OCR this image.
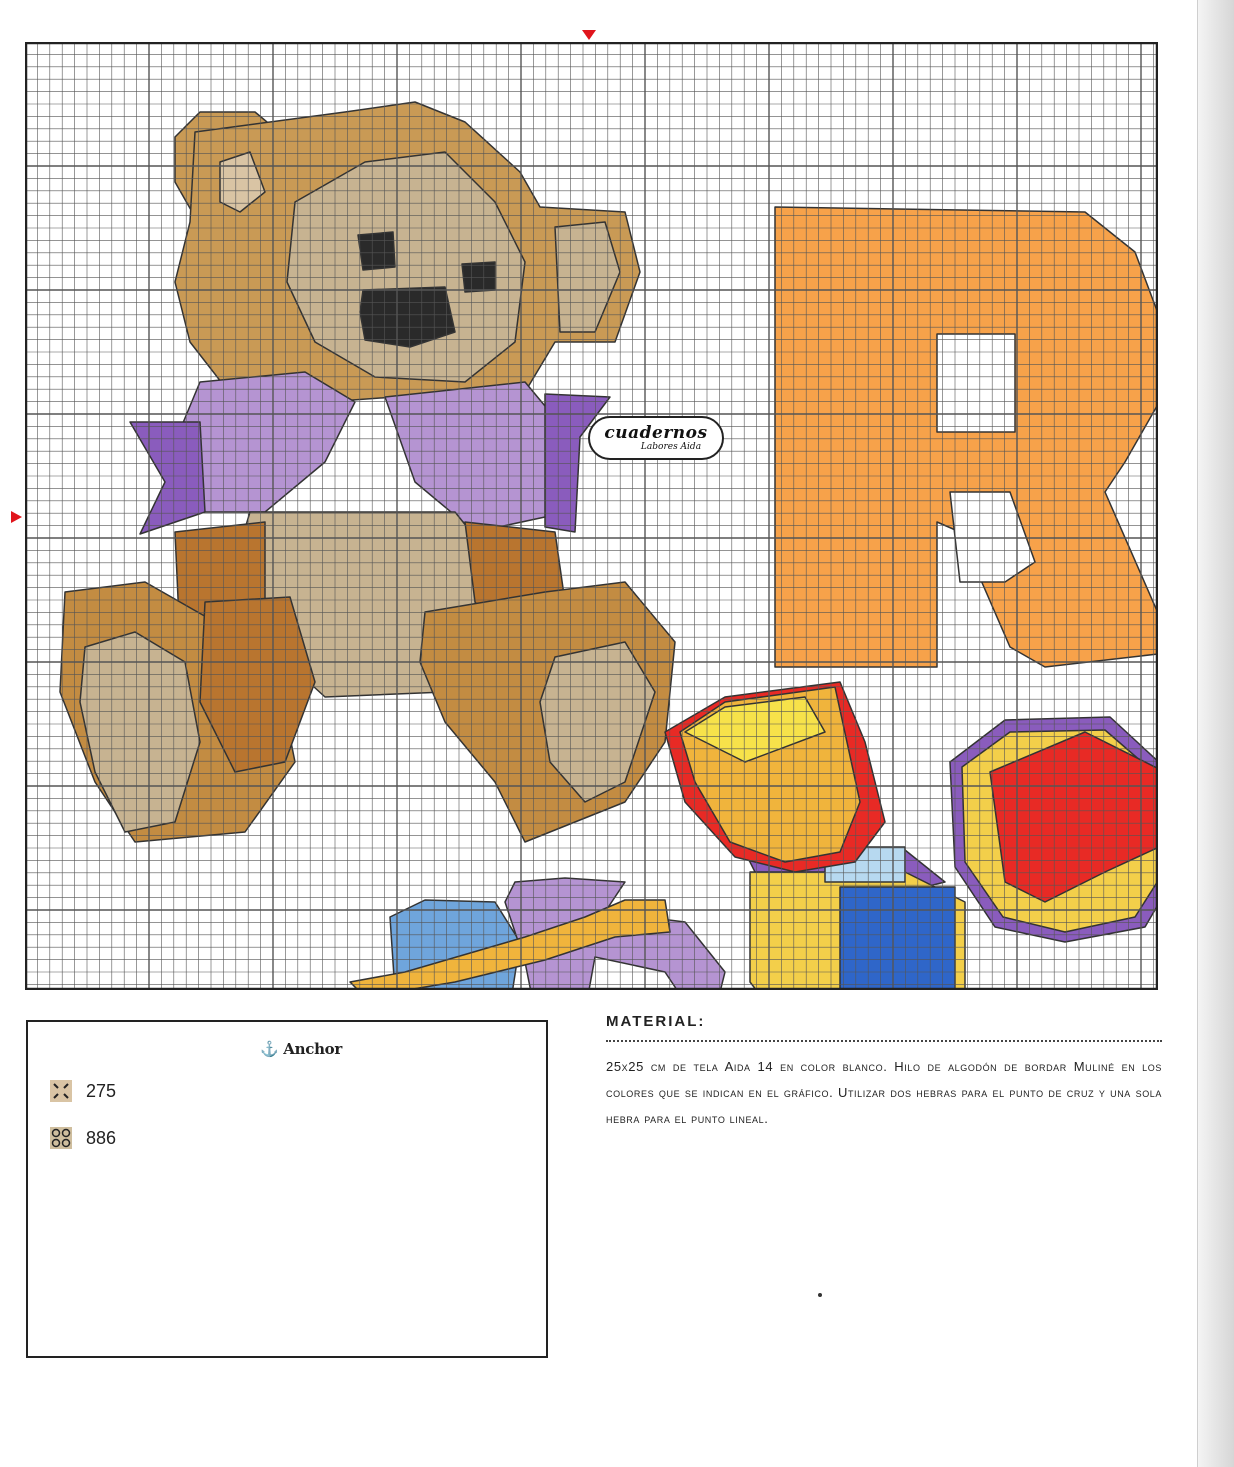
cuadernos
Labores Aida
⚓ Anchor
275
886
MATERIAL:
25x25 cm de tela Aida 14 en color blanco. Hilo de algodón de bordar Muliné en los colores que se indican en el gráfico. Utilizar dos hebras para el punto de cruz y una sola hebra para el punto lineal.
